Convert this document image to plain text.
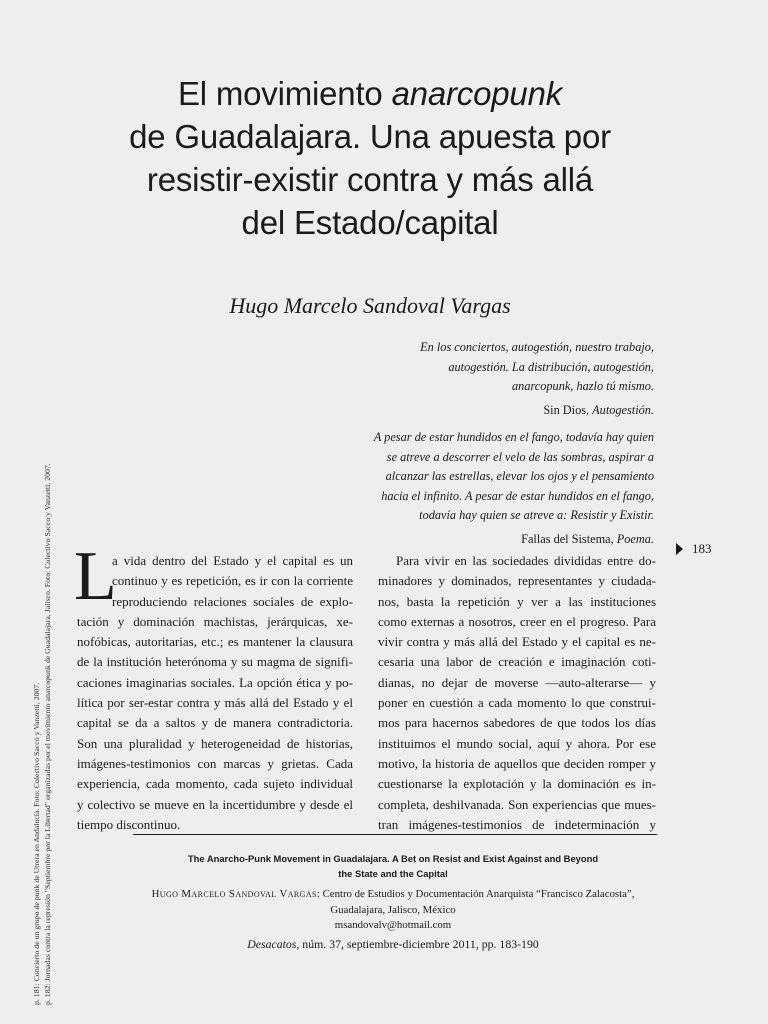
El movimiento anarcopunk
de Guadalajara. Una apuesta por
resistir-existir contra y más allá
del Estado/capital
Hugo Marcelo Sandoval Vargas
En los conciertos, autogestión, nuestro trabajo,
autogestión. La distribución, autogestión,
anarcopunk, hazlo tú mismo.
Sin Dios, Autogestión.
A pesar de estar hundidos en el fango, todavía hay quien
se atreve a descorrer el velo de las sombras, aspirar a
alcanzar las estrellas, elevar los ojos y el pensamiento
hacia el infinito. A pesar de estar hundidos en el fango,
todavía hay quien se atreve a: Resistir y Existir.
Fallas del Sistema, Poema.
183
L
a vida dentro del Estado y el capital es un
continuo y es repetición, es ir con la corriente
reproduciendo relaciones sociales de explo-
tación y dominación machistas, jerárquicas, xe-
nofóbicas, autoritarias, etc.; es mantener la clausura
de la institución heterónoma y su magma de signifi-
caciones imaginarias sociales. La opción ética y po-
lítica por ser-estar contra y más allá del Estado y el
capital se da a saltos y de manera contradictoria.
Son una pluralidad y heterogeneidad de historias,
imágenes-testimonios con marcas y grietas. Cada
experiencia, cada momento, cada sujeto individual
y colectivo se mueve en la incertidumbre y desde el
tiempo discontinuo.
Para vivir en las sociedades divididas entre do-
minadores y dominados, representantes y ciudada-
nos, basta la repetición y ver a las instituciones
como externas a nosotros, creer en el progreso. Para
vivir contra y más allá del Estado y el capital es ne-
cesaria una labor de creación e imaginación coti-
dianas, no dejar de moverse —auto-alterarse— y
poner en cuestión a cada momento lo que construi-
mos para hacernos sabedores de que todos los días
instituimos el mundo social, aquí y ahora. Por ese
motivo, la historia de aquellos que deciden romper y
cuestionarse la explotación y la dominación es in-
completa, deshilvanada. Son experiencias que mues-
tran imágenes-testimonios de indeterminación y
The Anarcho-Punk Movement in Guadalajara. A Bet on Resist and Exist Against and Beyond
the State and the Capital
Hugo Marcelo Sandoval Vargas: Centro de Estudios y Documentación Anarquista “Francisco Zalacosta”,
Guadalajara, Jalisco, México
msandovalv@hotmail.com
Desacatos, núm. 37, septiembre-diciembre 2011, pp. 183-190
p. 181: Concierto de un grupo de punk de Utrera en Andalucía. Foto: Colectivo Sacco y Vanzetti, 2007. p. 182: Jornadas contra la represión "Septiembre por la Libertad" organizadas por el movimiento anarcopunk de Guadalajara, Jalisco. Foto: Colectivo Sacco y Vanzetti, 2007.
